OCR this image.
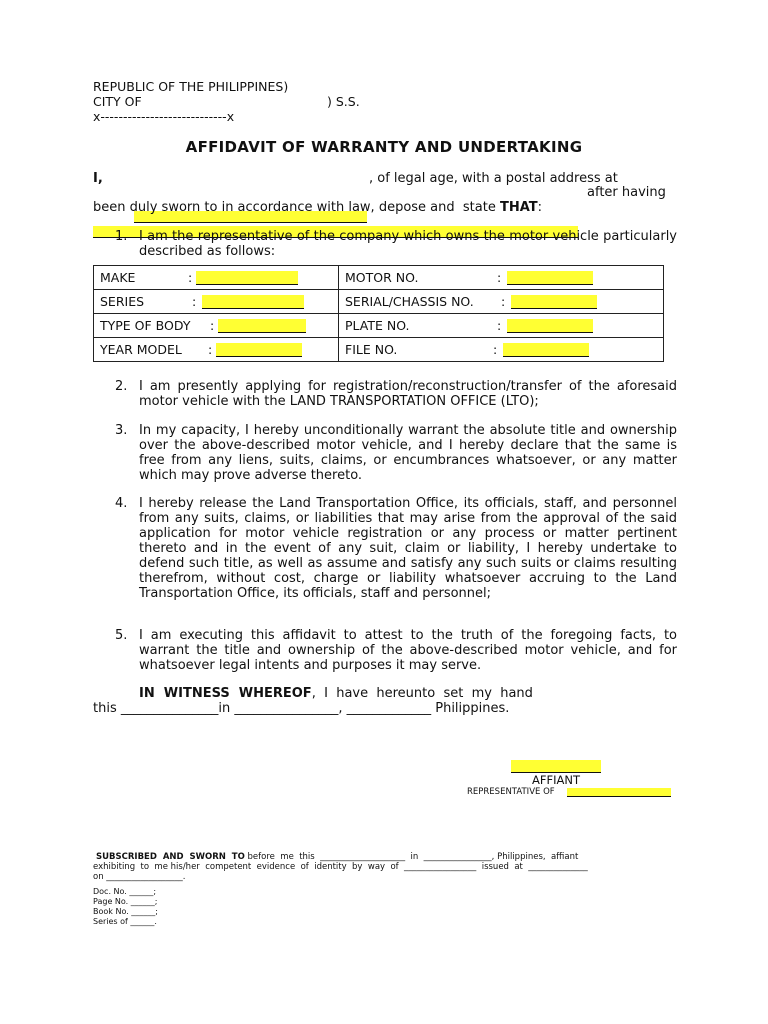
REPUBLIC OF THE PHILIPPINES)
CITY OF	) S.S.
x----------------------------x
AFFIDAVIT OF WARRANTY AND UNDERTAKING
I,

	, of legal age, with a postal address at

after having
been duly sworn to in accordance with law, depose and  state THAT:
1. I am the representative of the company which owns the motor vehicle particularly described as follows:
MAKE :	MOTOR NO. :
SERIES :	SERIAL/CHASSIS NO. :
TYPE OF BODY :	PLATE NO. :
YEAR MODEL :	FILE NO. :
2. I am presently applying for registration/reconstruction/transfer of the aforesaid motor vehicle with the LAND TRANSPORTATION OFFICE (LTO);
3. In my capacity, I hereby unconditionally warrant the absolute title and ownership over the above-described motor vehicle, and I hereby declare that the same is free from any liens, suits, claims, or encumbrances whatsoever, or any matter which may prove adverse thereto.
4. I hereby release the Land Transportation Office, its officials, staff, and personnel from any suits, claims, or liabilities that may arise from the approval of the said application for motor vehicle registration or any process or matter pertinent thereto and in the event of any suit, claim or liability, I hereby undertake to defend such title, as well as assume and satisfy any such suits or claims resulting therefrom, without cost, charge or liability whatsoever accruing to the Land Transportation Office, its officials, staff and personnel;
5. I am executing this affidavit to attest to the truth of the foregoing facts, to warrant the title and ownership of the above-described motor vehicle, and for whatsoever legal intents and purposes it may serve.
IN  WITNESS  WHEREOF,  I  have  hereunto  set  my  hand
this _______________in ________________, _____________ Philippines.
AFFIANT
REPRESENTATIVE OF
SUBSCRIBED  AND  SWORN  TO before  me  this  ____________________  in  ________________, Philippines,  affiant
exhibiting  to  me his/her  competent  evidence  of  identity  by  way  of  _________________  issued  at  ______________
on __________________.
Doc. No. ______;
Page No. ______;
Book No. ______;
Series of ______.
